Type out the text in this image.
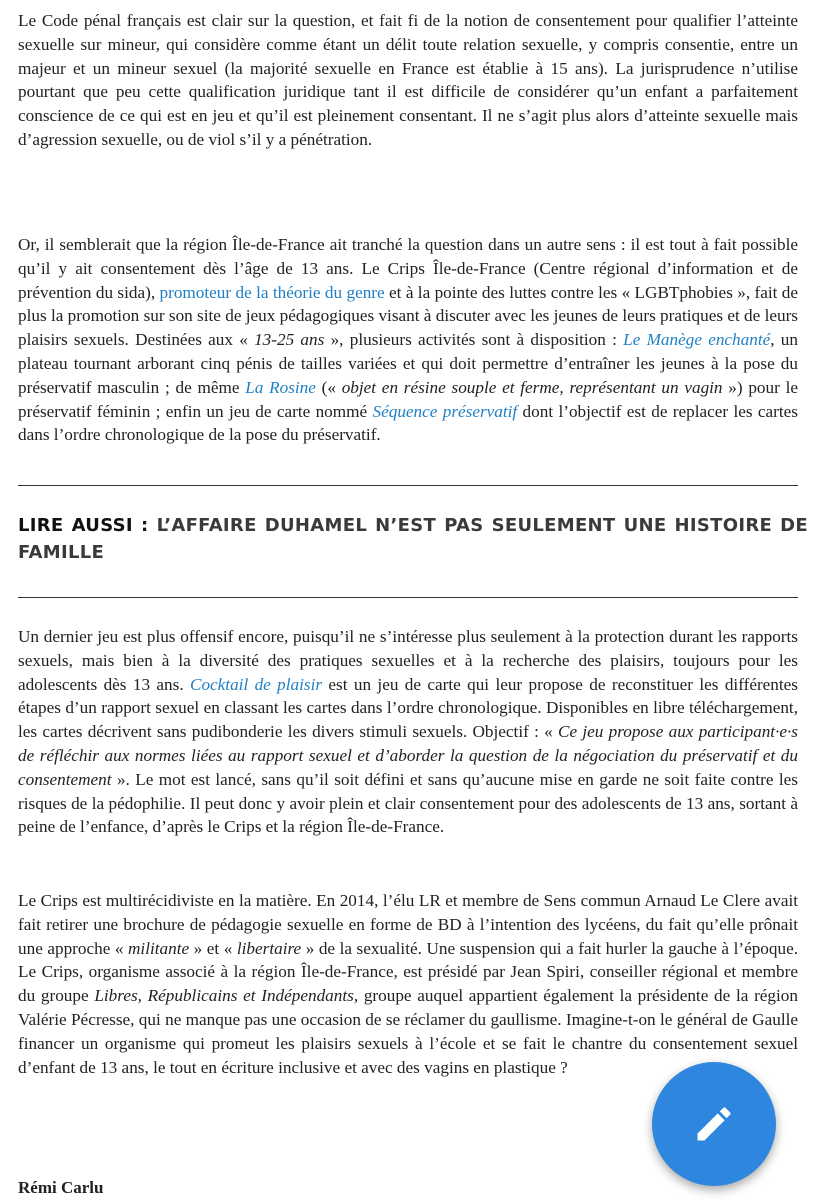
Le Code pénal français est clair sur la question, et fait fi de la notion de consentement pour qualifier l’atteinte sexuelle sur mineur, qui considère comme étant un délit toute relation sexuelle, y compris consentie, entre un majeur et un mineur sexuel (la majorité sexuelle en France est établie à 15 ans). La jurisprudence n’utilise pourtant que peu cette qualification juridique tant il est difficile de considérer qu’un enfant a parfaitement conscience de ce qui est en jeu et qu’il est pleinement consentant. Il ne s’agit plus alors d’atteinte sexuelle mais d’agression sexuelle, ou de viol s’il y a pénétration.

Or, il semblerait que la région Île-de-France ait tranché la question dans un autre sens : il est tout à fait possible qu’il y ait consentement dès l’âge de 13 ans. Le Crips Île-de-France (Centre régional d’information et de prévention du sida), promoteur de la théorie du genre et à la pointe des luttes contre les « LGBTphobies », fait de plus la promotion sur son site de jeux pédagogiques visant à discuter avec les jeunes de leurs pratiques et de leurs plaisirs sexuels. Destinées aux « 13-25 ans », plusieurs activités sont à disposition : Le Manège enchanté, un plateau tournant arborant cinq pénis de tailles variées et qui doit permettre d’entraîner les jeunes à la pose du préservatif masculin ; de même La Rosine (« objet en résine souple et ferme, représentant un vagin ») pour le préservatif féminin ; enfin un jeu de carte nommé Séquence préservatif dont l’objectif est de replacer les cartes dans l’ordre chronologique de la pose du préservatif.

Un dernier jeu est plus offensif encore, puisqu’il ne s’intéresse plus seulement à la protection durant les rapports sexuels, mais bien à la diversité des pratiques sexuelles et à la recherche des plaisirs, toujours pour les adolescents dès 13 ans. Cocktail de plaisir est un jeu de carte qui leur propose de reconstituer les différentes étapes d’un rapport sexuel en classant les cartes dans l’ordre chronologique. Disponibles en libre téléchargement, les cartes décrivent sans pudibonderie les divers stimuli sexuels. Objectif : « Ce jeu propose aux participant·e·s de réfléchir aux normes liées au rapport sexuel et d’aborder la question de la négociation du préservatif et du consentement ». Le mot est lancé, sans qu’il soit défini et sans qu’aucune mise en garde ne soit faite contre les risques de la pédophilie. Il peut donc y avoir plein et clair consentement pour des adolescents de 13 ans, sortant à peine de l’enfance, d’après le Crips et la région Île-de-France.

Le Crips est multirécidiviste en la matière. En 2014, l’élu LR et membre de Sens commun Arnaud Le Clere avait fait retirer une brochure de pédagogie sexuelle en forme de BD à l’intention des lycéens, du fait qu’elle prônait une approche « militante » et « libertaire » de la sexualité. Une suspension qui a fait hurler la gauche à l’époque. Le Crips, organisme associé à la région Île-de-France, est présidé par Jean Spiri, conseiller régional et membre du groupe Libres, Républicains et Indépendants, groupe auquel appartient également la présidente de la région Valérie Pécresse, qui ne manque pas une occasion de se réclamer du gaullisme. Imagine-t-on le général de Gaulle financer un organisme qui promeut les plaisirs sexuels à l’école et se fait le chantre du consentement sexuel d’enfant de 13 ans, le tout en écriture inclusive et avec des vagins en plastique ?

LIRE AUSSI : L’AFFAIRE DUHAMEL N’EST PAS SEULEMENT UNE HISTOIRE DE FAMILLE
Rémi Carlu
